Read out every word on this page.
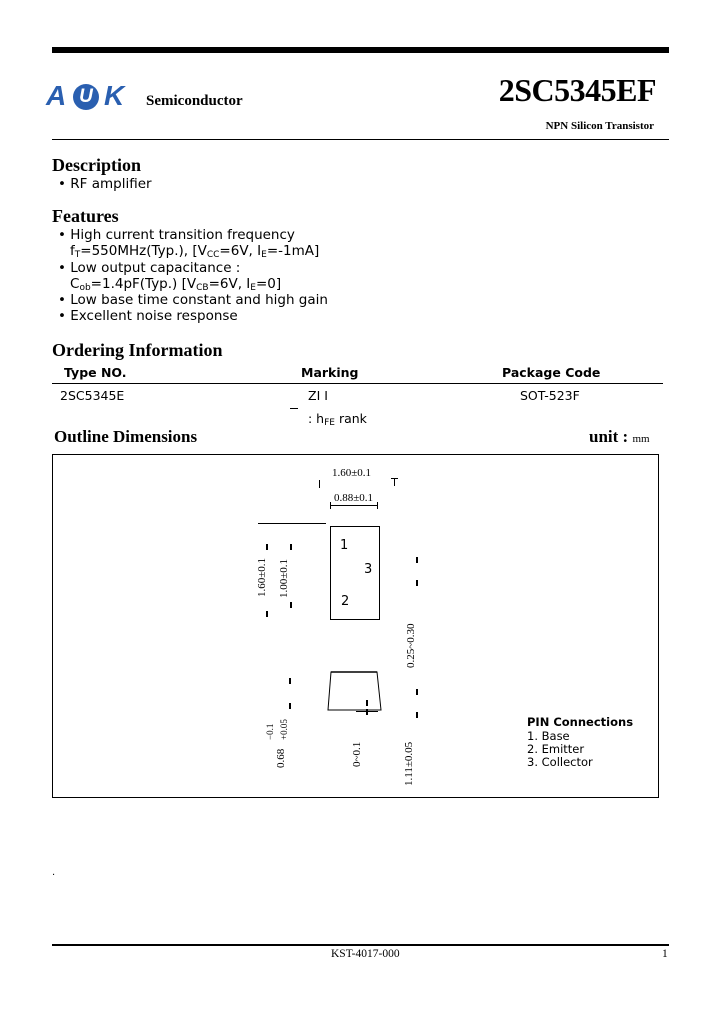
A U K Semiconductor	2SC5345EF
NPN Silicon Transistor
Description
• RF amplifier
Features
• High current transition frequency
$f_T=550MHz(Typ.)$, [$V_{CC}=6V$, $I_E=-1mA$]
• Low output capacitance :
$C_{ob}=1.4pF(Typ.)$ [$V_{CB}=6V$, $I_E=0$]
• Low base time constant and high gain
• Excellent noise response
Ordering Information
Type NO.	Marking	Package Code
2SC5345E	ZI I	SOT-523F
: $h_{FE}$ rank
Outline Dimensions	unit : mm
1.60±0.1
0.88±0.1
1
3
2
1.60±0.1 1.00±0.1
0.25~0.30
0.68
−0.1 +0.05
0~0.1	1.11±0.05
PIN Connections
1. Base
2. Emitter
3. Collector
.
KST-4017-000	1
